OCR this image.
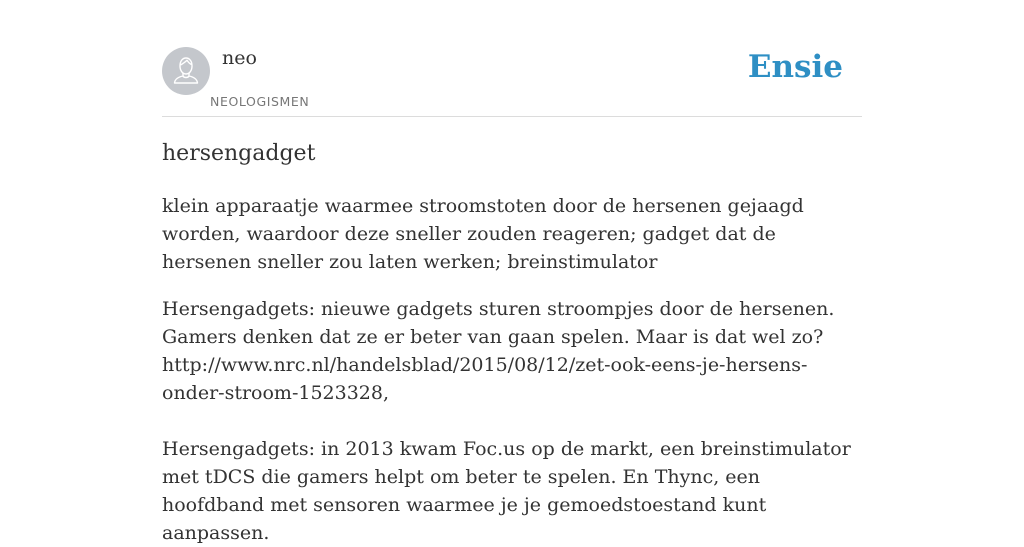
neo
NEOLOGISMEN
Ensie
hersengadget

klein apparaatje waarmee stroomstoten door de hersenen gejaagd worden, waardoor deze sneller zouden reageren; gadget dat de hersenen sneller zou laten werken; breinstimulator

Hersengadgets: nieuwe gadgets sturen stroompjes door de hersenen. Gamers denken dat ze er beter van gaan spelen. Maar is dat wel zo?
http://www.nrc.nl/handelsblad/2015/08/12/zet-ook-eens-je-hersens-onder-stroom-1523328,
Hersengadgets: in 2013 kwam Foc.us op de markt, een breinstimulator met tDCS die gamers helpt om beter te spelen. En Thync, een hoofdband met sensoren waarmee je je gemoedstoestand kunt aanpassen.
